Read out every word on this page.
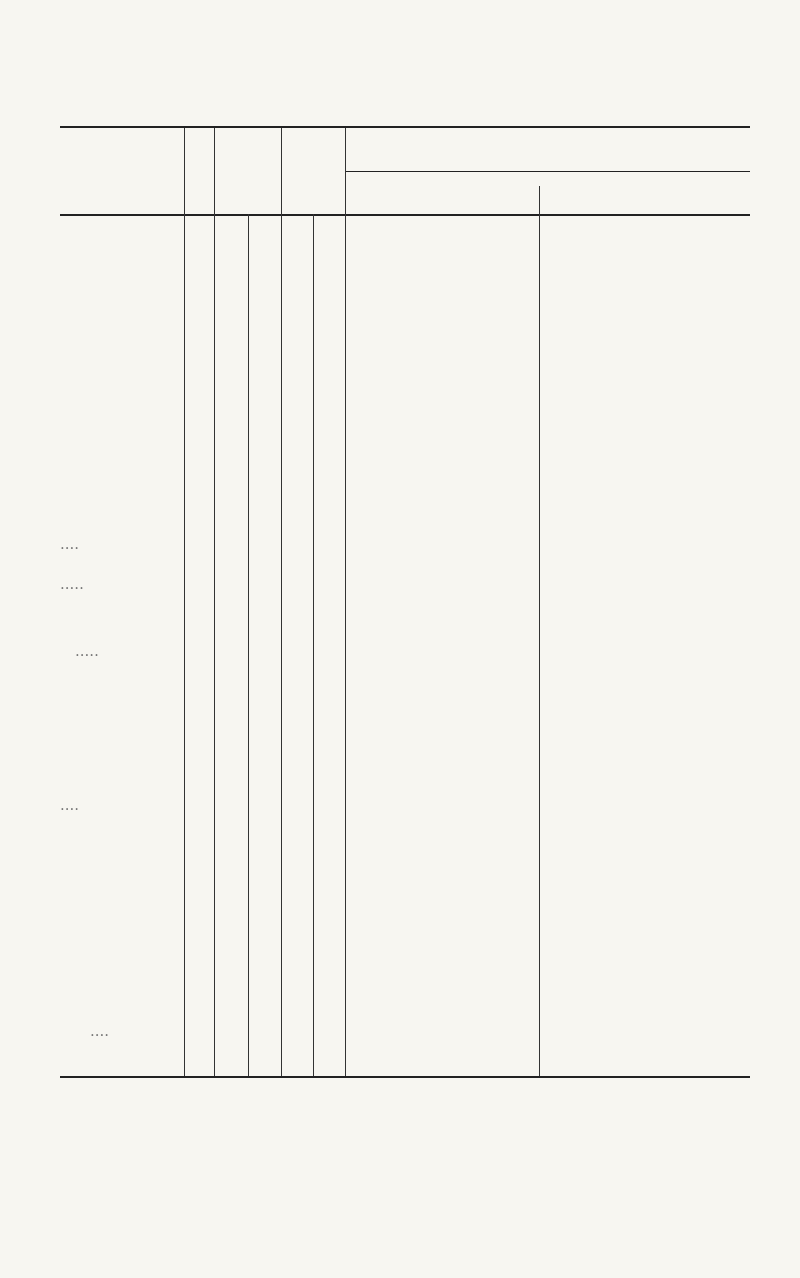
....
.....
.....
....
....
